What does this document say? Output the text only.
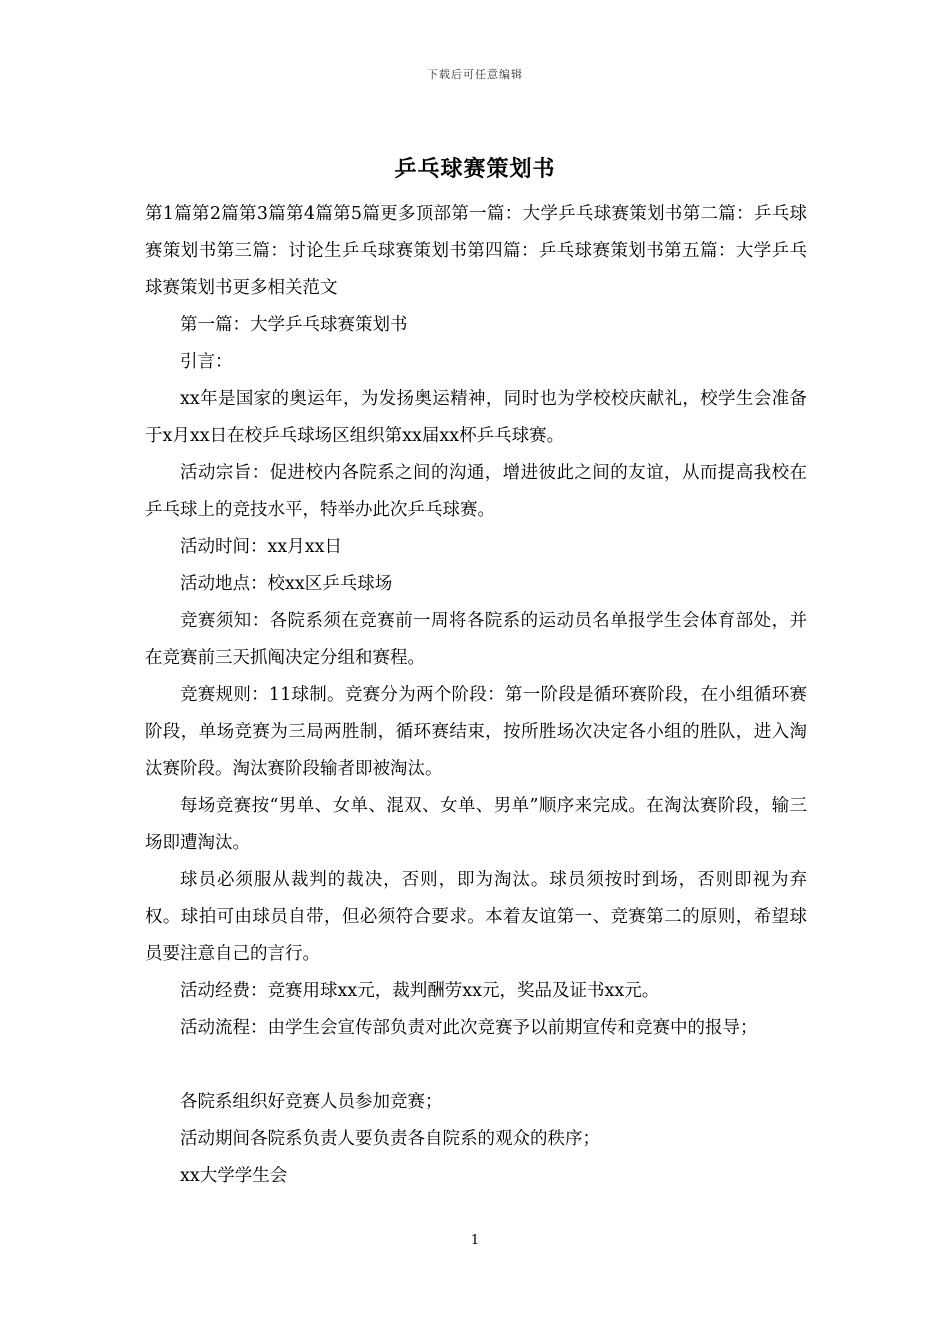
下载后可任意编辑
乒乓球赛策划书

第1篇第2篇第3篇第4篇第5篇更多顶部第一篇：大学乒乓球赛策划书第二篇：乒乓球赛策划书第三篇：讨论生乒乓球赛策划书第四篇：乒乓球赛策划书第五篇：大学乒乓球赛策划书更多相关范文

第一篇：大学乒乓球赛策划书

引言：

xx年是国家的奥运年，为发扬奥运精神，同时也为学校校庆献礼，校学生会准备于x月xx日在校乒乓球场区组织第xx届xx杯乒乓球赛。

活动宗旨：促进校内各院系之间的沟通，增进彼此之间的友谊，从而提高我校在乒乓球上的竞技水平，特举办此次乒乓球赛。

活动时间：xx月xx日

活动地点：校xx区乒乓球场

竞赛须知：各院系须在竞赛前一周将各院系的运动员名单报学生会体育部处，并在竞赛前三天抓阄决定分组和赛程。

竞赛规则：11球制。竞赛分为两个阶段：第一阶段是循环赛阶段，在小组循环赛阶段，单场竞赛为三局两胜制，循环赛结束，按所胜场次决定各小组的胜队，进入淘汰赛阶段。淘汰赛阶段输者即被淘汰。

每场竞赛按“男单、女单、混双、女单、男单”顺序来完成。在淘汰赛阶段，输三场即遭淘汰。

球员必须服从裁判的裁决，否则，即为淘汰。球员须按时到场，否则即视为弃权。球拍可由球员自带，但必须符合要求。本着友谊第一、竞赛第二的原则，希望球员要注意自己的言行。

活动经费：竞赛用球xx元，裁判酬劳xx元，奖品及证书xx元。

活动流程：由学生会宣传部负责对此次竞赛予以前期宣传和竞赛中的报导；

各院系组织好竞赛人员参加竞赛；

活动期间各院系负责人要负责各自院系的观众的秩序；

xx大学学生会

1
